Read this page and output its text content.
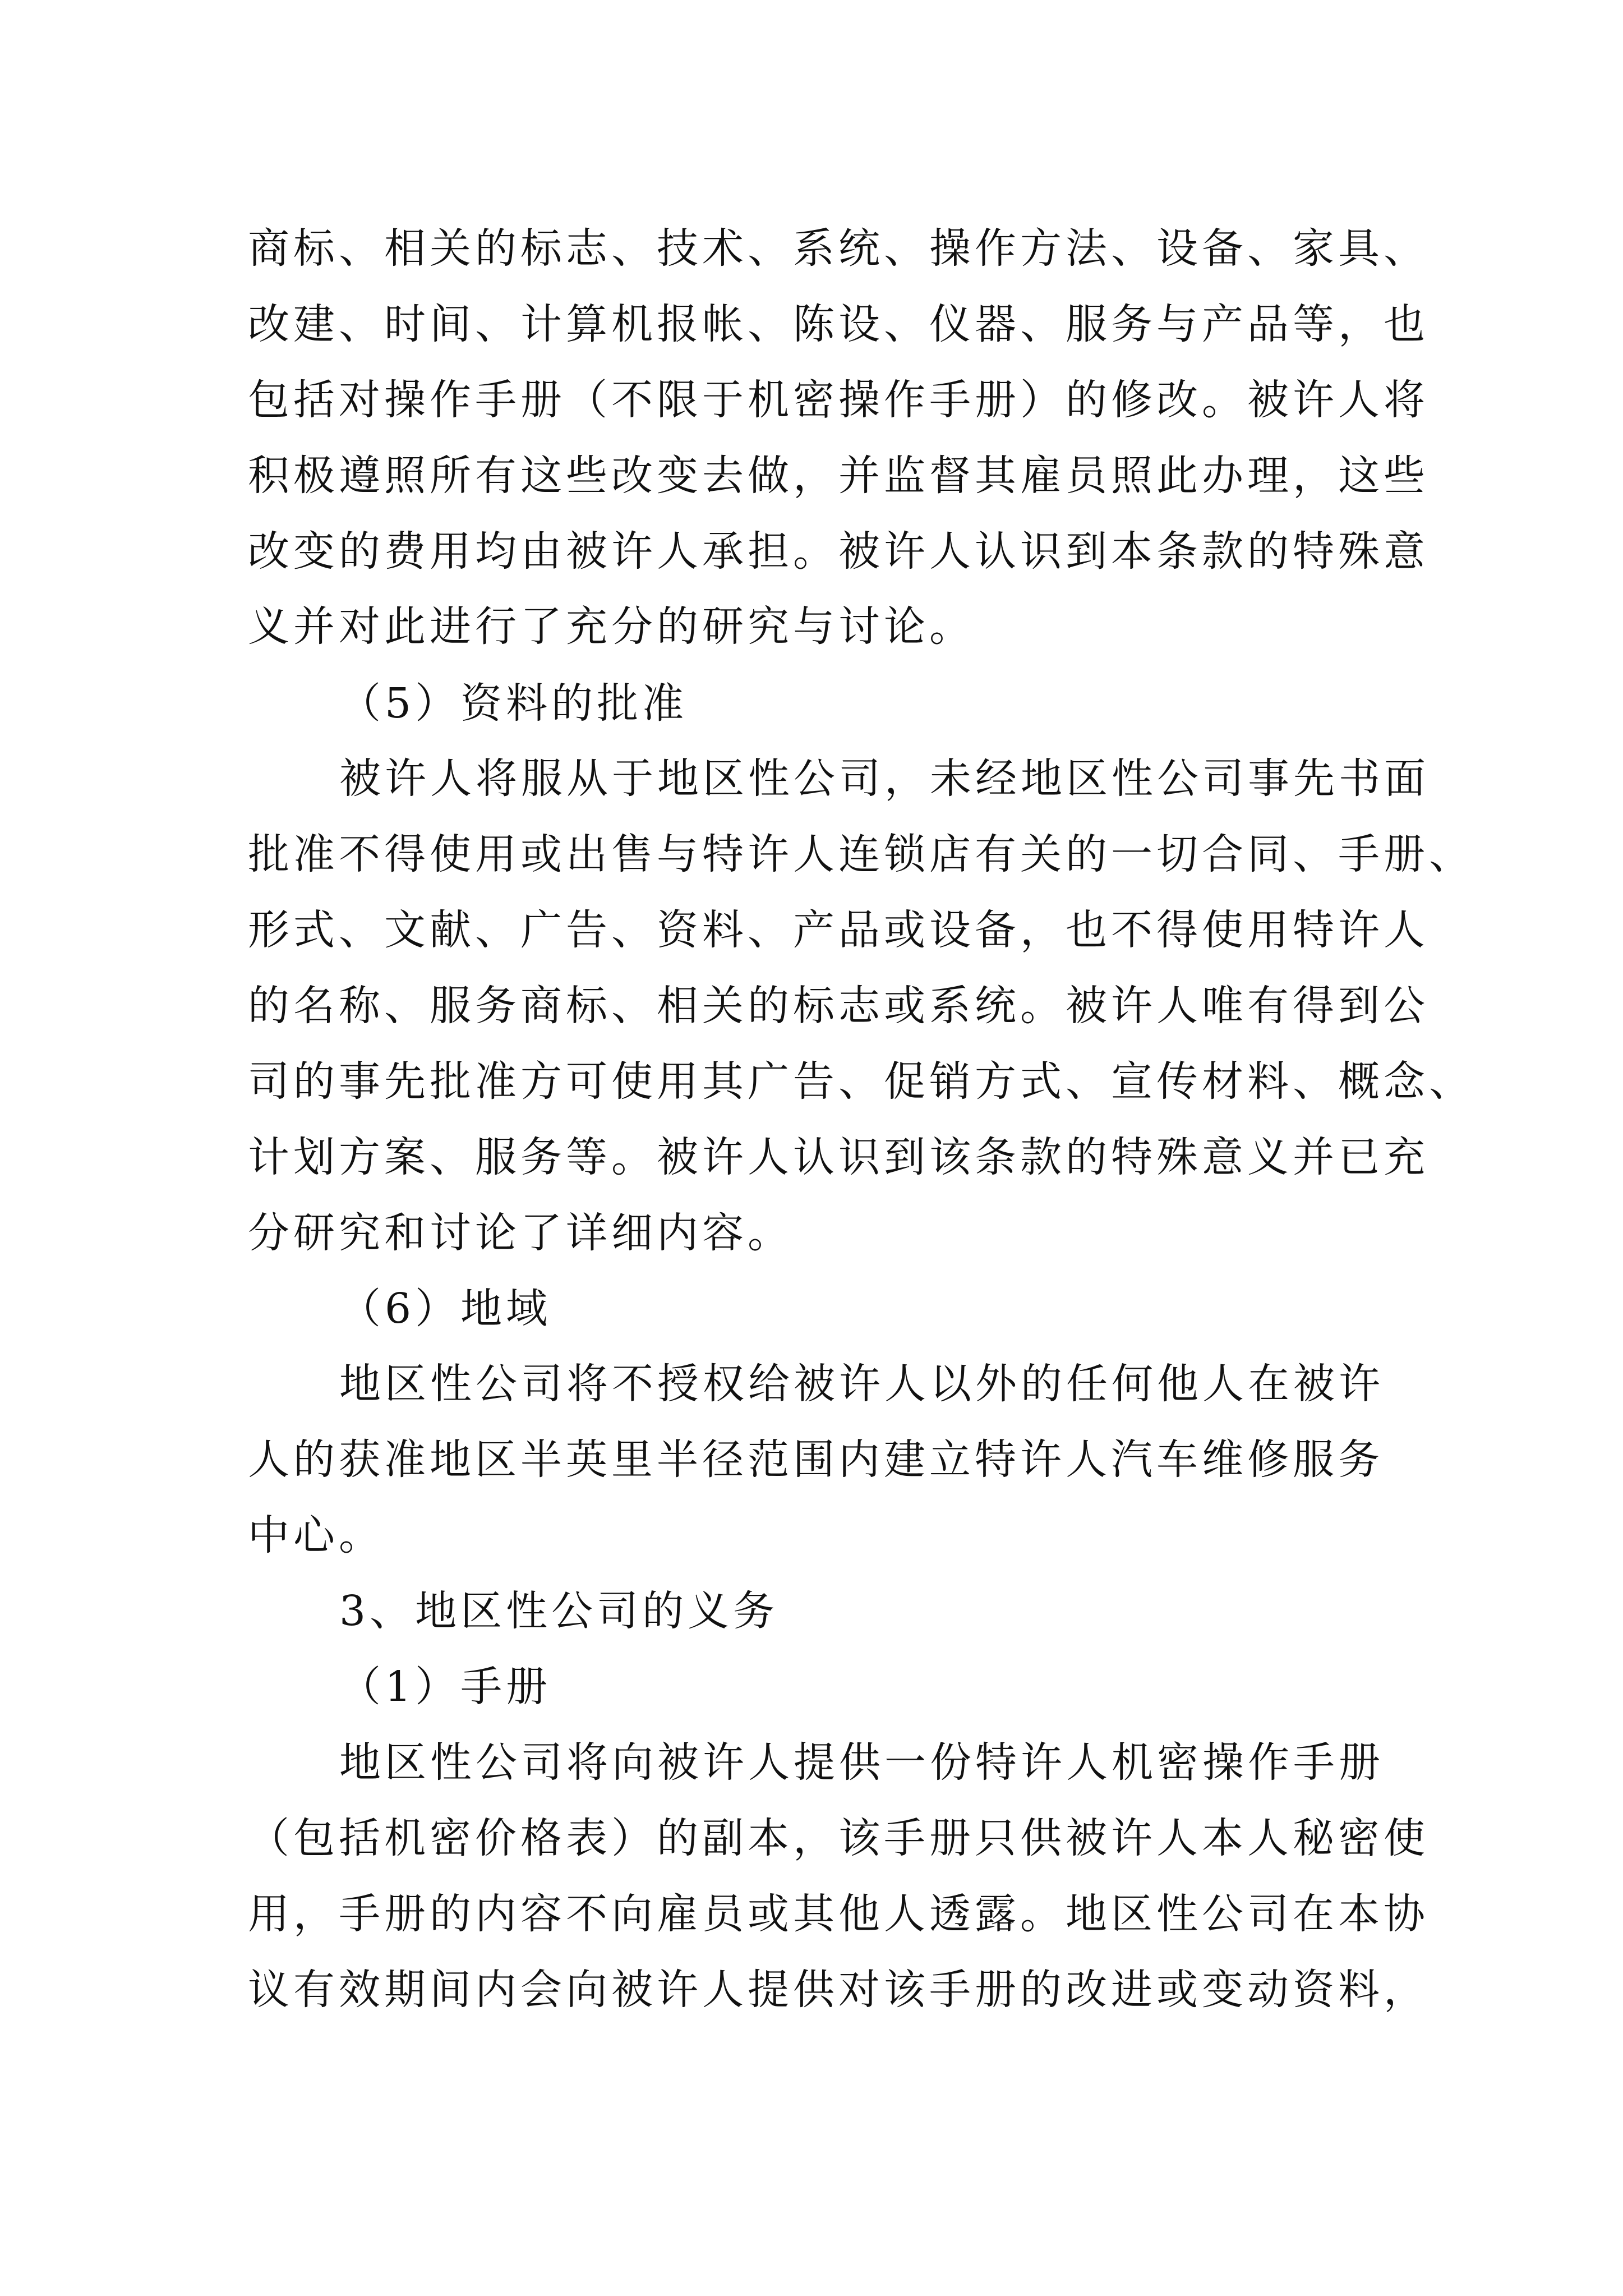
商标、相关的标志、技术、系统、操作方法、设备、家具、
改建、时间、计算机报帐、陈设、仪器、服务与产品等，也
包括对操作手册（不限于机密操作手册）的修改。被许人将
积极遵照所有这些改变去做，并监督其雇员照此办理，这些
改变的费用均由被许人承担。被许人认识到本条款的特殊意
义并对此进行了充分的研究与讨论。
（5）资料的批准
被许人将服从于地区性公司，未经地区性公司事先书面
批准不得使用或出售与特许人连锁店有关的一切合同、手册、
形式、文献、广告、资料、产品或设备，也不得使用特许人
的名称、服务商标、相关的标志或系统。被许人唯有得到公
司的事先批准方可使用其广告、促销方式、宣传材料、概念、
计划方案、服务等。被许人认识到该条款的特殊意义并已充
分研究和讨论了详细内容。
（6）地域
地区性公司将不授权给被许人以外的任何他人在被许
人的获准地区半英里半径范围内建立特许人汽车维修服务
中心。
3、地区性公司的义务
（1）手册
地区性公司将向被许人提供一份特许人机密操作手册
（包括机密价格表）的副本，该手册只供被许人本人秘密使
用，手册的内容不向雇员或其他人透露。地区性公司在本协
议有效期间内会向被许人提供对该手册的改进或变动资料，
